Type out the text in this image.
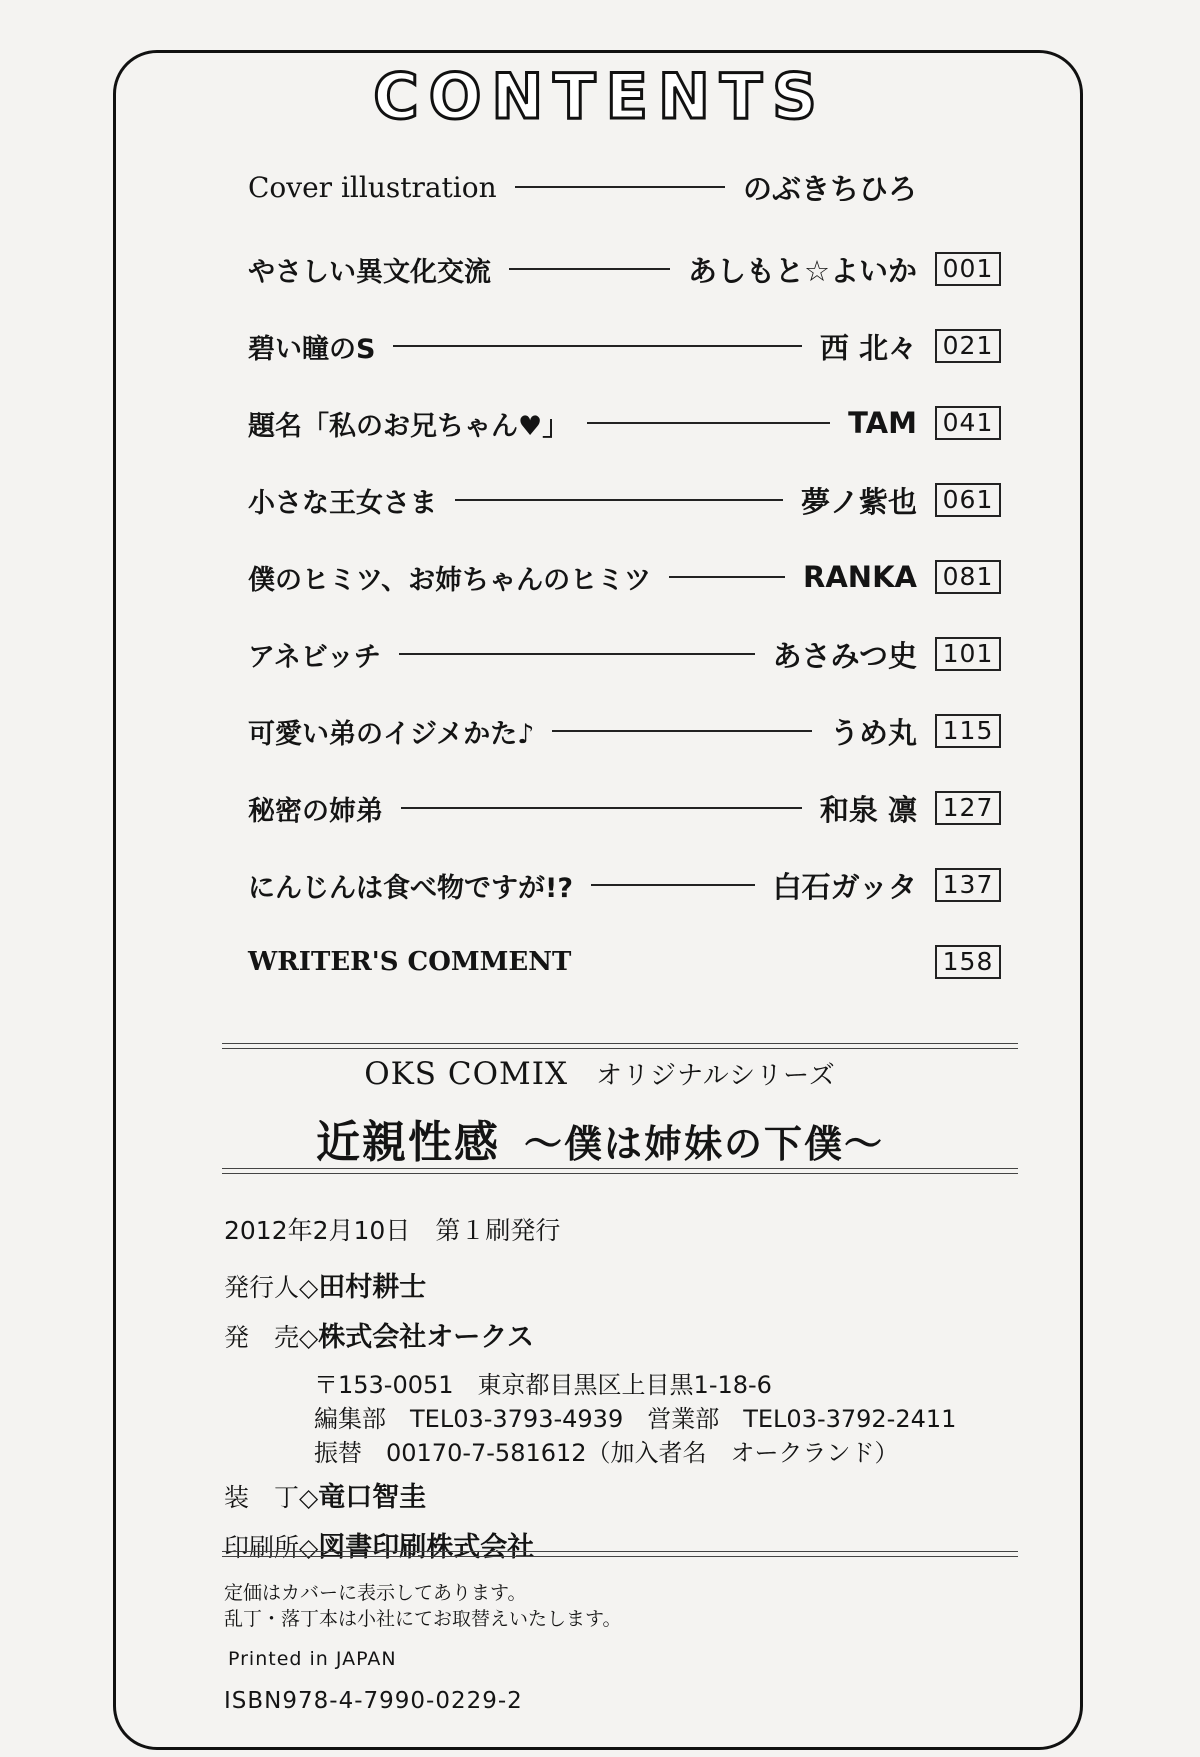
CONTENTS
Cover illustration	のぶきちひろ
やさしい異文化交流	あしもと☆よいか	001
碧い瞳のS	西 北々	021
題名「私のお兄ちゃん♥」	TAM	041
小さな王女さま	夢ノ紫也	061
僕のヒミツ、お姉ちゃんのヒミツ	RANKA	081
アネビッチ	あさみつ史	101
可愛い弟のイジメかた♪	うめ丸	115
秘密の姉弟	和泉 凛	127
にんじんは食べ物ですが!?	白石ガッタ	137
WRITER'S COMMENT	158
OKS COMIX オリジナルシリーズ
近親性感 〜僕は姉妹の下僕〜
2012年2月10日　第１刷発行
発行人◇田村耕士
発　売◇株式会社オークス
〒153-0051　東京都目黒区上目黒1-18-6
編集部　TEL03-3793-4939　営業部　TEL03-3792-2411
振替　00170-7-581612（加入者名　オークランド）
装　丁◇竜口智圭
印刷所◇図書印刷株式会社
定価はカバーに表示してあります。
乱丁・落丁本は小社にてお取替えいたします。
Printed in JAPAN
ISBN978-4-7990-0229-2
